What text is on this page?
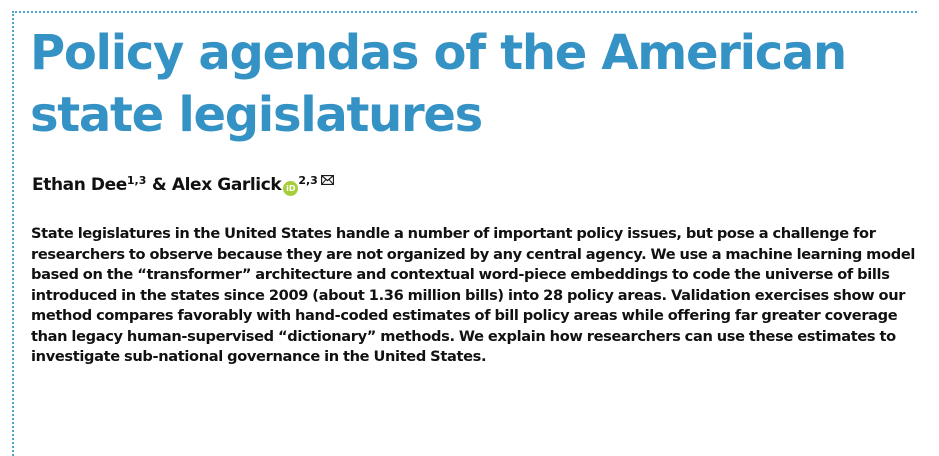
Policy agendas of the American state legislatures
Ethan Dee$^{1,3}$ & Alex Garlick iD$^{2,3}$

State legislatures in the United States handle a number of important policy issues, but pose a challenge for researchers to observe because they are not organized by any central agency. We use a machine learning model based on the “transformer” architecture and contextual word-piece embeddings to code the universe of bills introduced in the states since 2009 (about 1.36 million bills) into 28 policy areas. Validation exercises show our method compares favorably with hand-coded estimates of bill policy areas while offering far greater coverage than legacy human-supervised “dictionary” methods. We explain how researchers can use these estimates to investigate sub-national governance in the United States.
